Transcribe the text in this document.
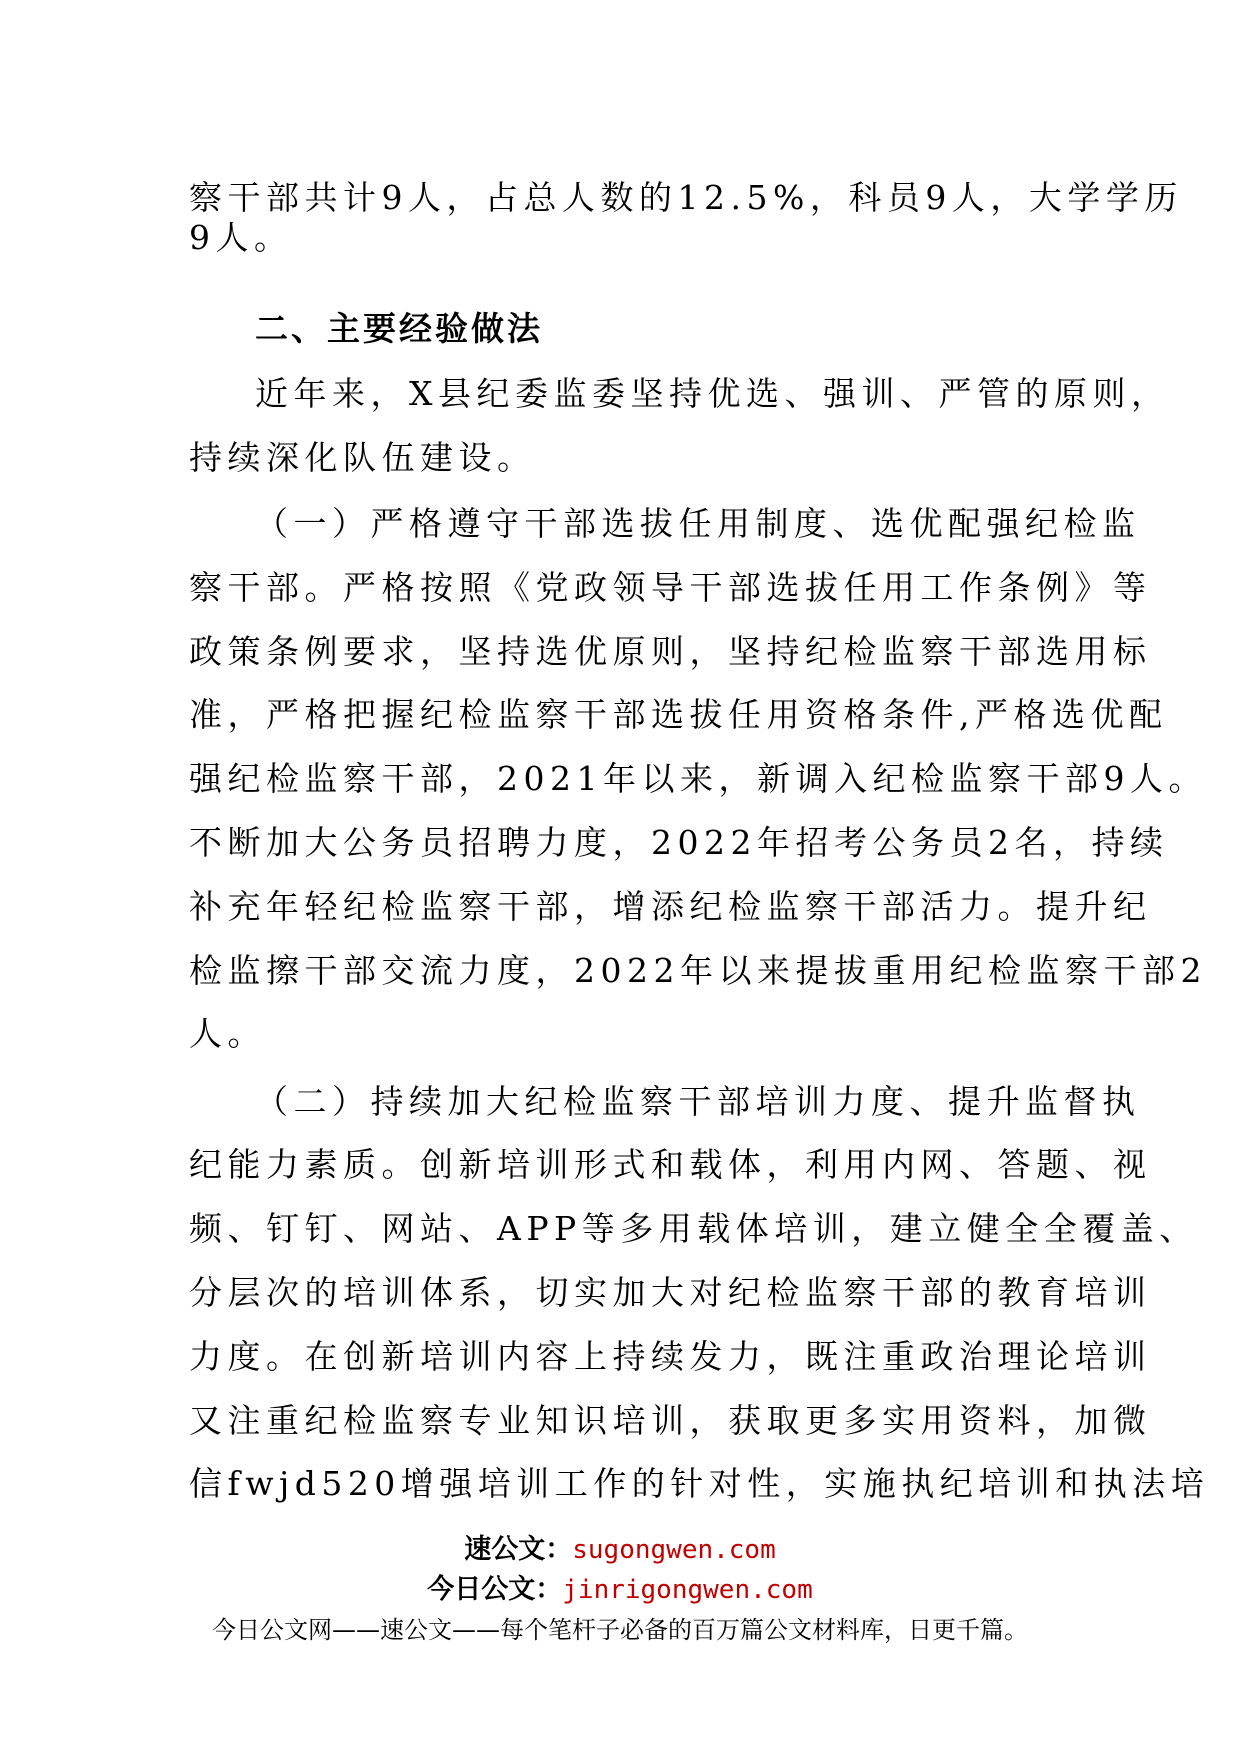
察干部共计9人，占总人数的12.5%，科员9人，大学学历
9人。
二、主要经验做法
近年来，X县纪委监委坚持优选、强训、严管的原则，
持续深化队伍建设。
（一）严格遵守干部选拔任用制度、选优配强纪检监
察干部。严格按照《党政领导干部选拔任用工作条例》等
政策条例要求，坚持选优原则，坚持纪检监察干部选用标
准，严格把握纪检监察干部选拔任用资格条件,严格选优配
强纪检监察干部，2021年以来，新调入纪检监察干部9人。
不断加大公务员招聘力度，2022年招考公务员2名，持续
补充年轻纪检监察干部，增添纪检监察干部活力。提升纪
检监擦干部交流力度，2022年以来提拔重用纪检监察干部2
人。
（二）持续加大纪检监察干部培训力度、提升监督执
纪能力素质。创新培训形式和载体，利用内网、答题、视
频、钉钉、网站、APP等多用载体培训，建立健全全覆盖、
分层次的培训体系，切实加大对纪检监察干部的教育培训
力度。在创新培训内容上持续发力，既注重政治理论培训
又注重纪检监察专业知识培训，获取更多实用资料，加微
信fwjd520增强培训工作的针对性，实施执纪培训和执法培
速公文：sugongwen.com
今日公文：jinrigongwen.com
今日公文网——速公文——每个笔杆子必备的百万篇公文材料库，日更千篇。
